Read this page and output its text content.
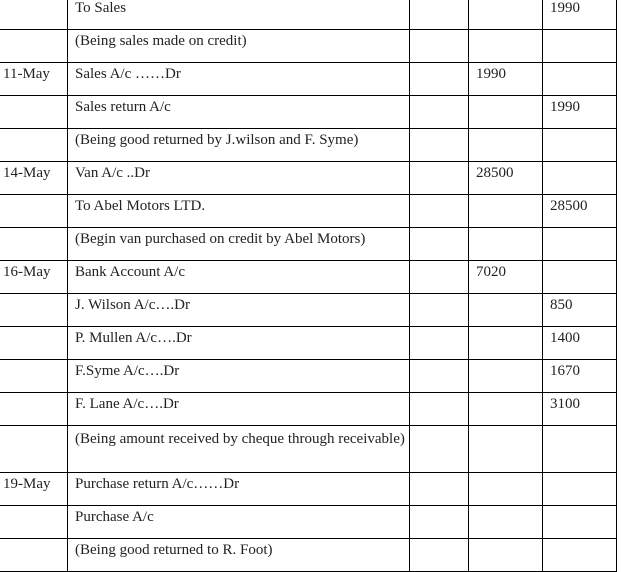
	To Sales			1990
	(Being sales made on credit)			
11-May	Sales A/c ……Dr		1990	
	Sales return A/c			1990
	(Being good returned by J.wilson and F. Syme)			
14-May	Van A/c ..Dr		28500	
	To Abel Motors LTD.			28500
	(Begin van purchased on credit by Abel Motors)			
16-May	Bank Account A/c		7020	
	J. Wilson A/c….Dr			850
	P. Mullen A/c….Dr			1400
	F.Syme A/c….Dr			1670
	F. Lane A/c….Dr			3100
	(Being amount received by cheque through receivable)			
19-May	Purchase return A/c……Dr			
	Purchase A/c			
	(Being good returned to R. Foot)			
